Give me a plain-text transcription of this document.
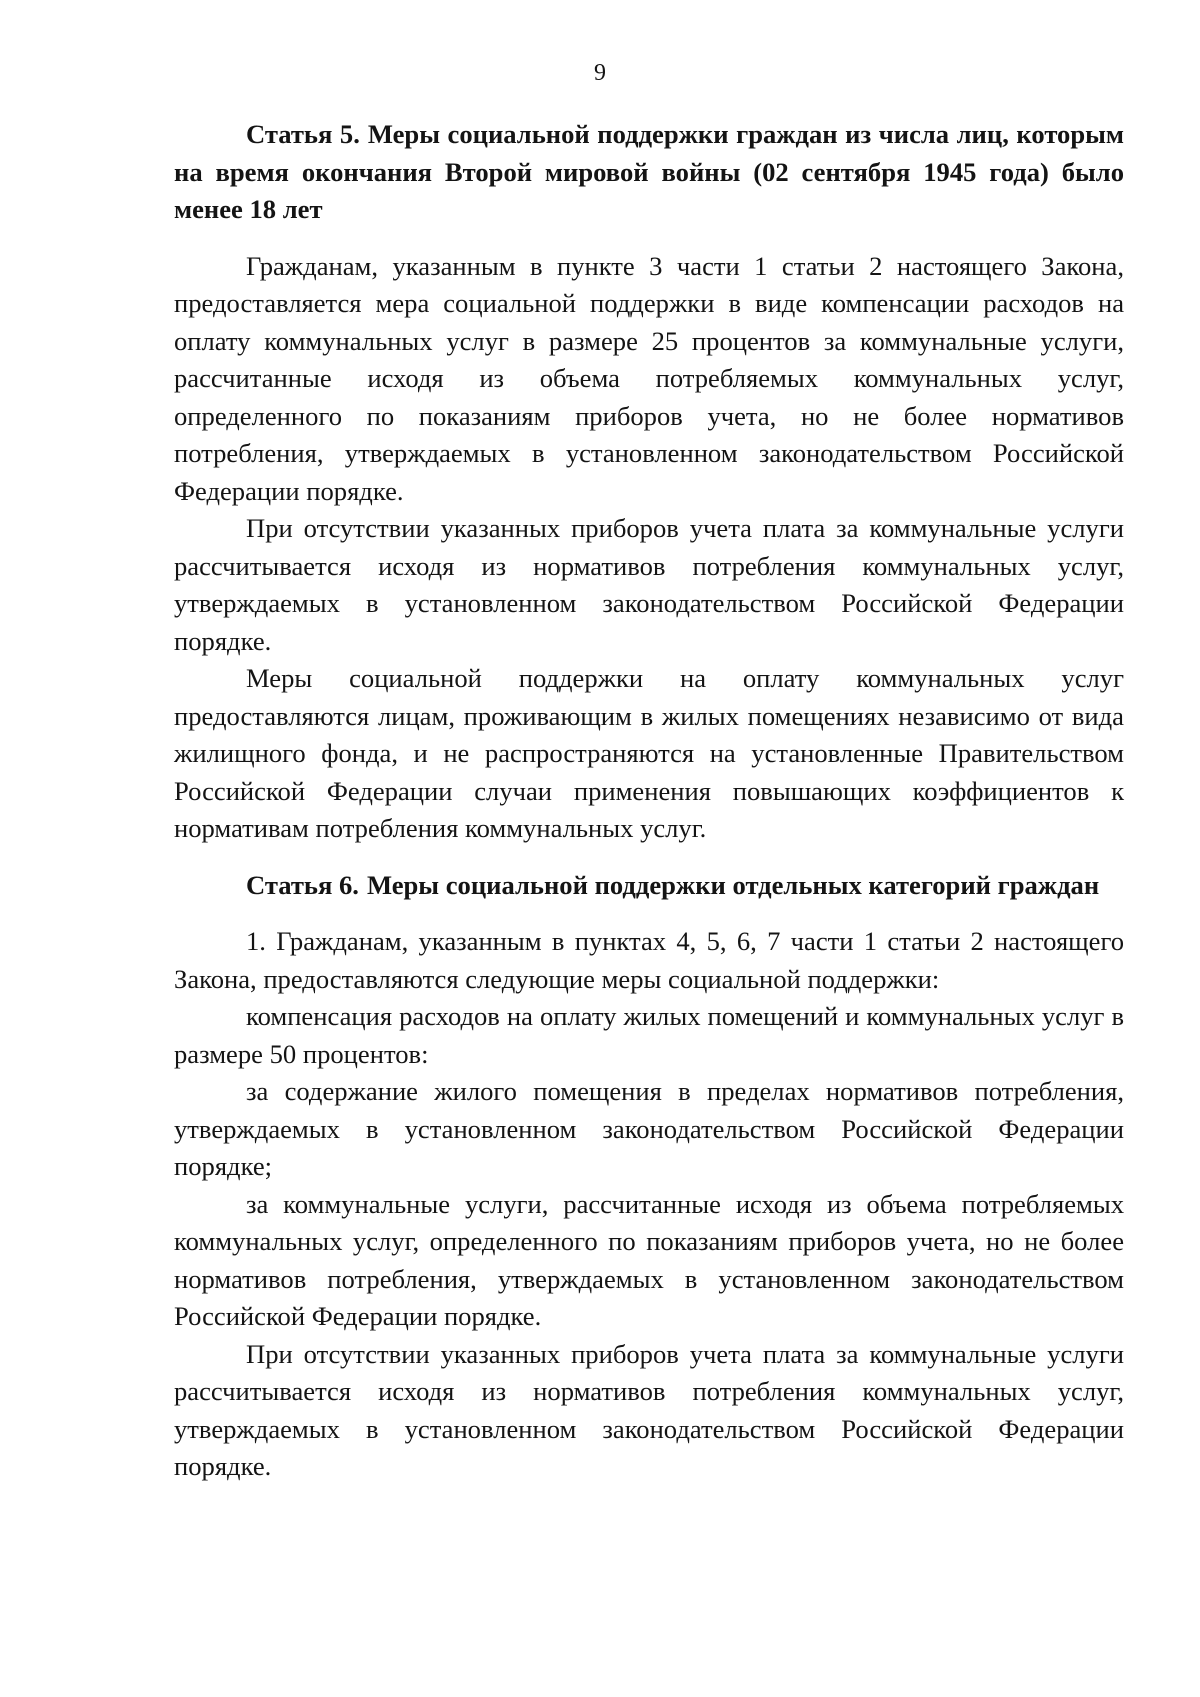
9

Статья 5. Меры социальной поддержки граждан из числа лиц, которым на время окончания Второй мировой войны (02 сентября 1945 года) было менее 18 лет

Гражданам, указанным в пункте 3 части 1 статьи 2 настоящего Закона, предоставляется мера социальной поддержки в виде компенсации расходов на оплату коммунальных услуг в размере 25 процентов за коммунальные услуги, рассчитанные исходя из объема потребляемых коммунальных услуг, определенного по показаниям приборов учета, но не более нормативов потребления, утверждаемых в установленном законодательством Российской Федерации порядке.

При отсутствии указанных приборов учета плата за коммунальные услуги рассчитывается исходя из нормативов потребления коммунальных услуг, утверждаемых в установленном законодательством Российской Федерации порядке.

Меры социальной поддержки на оплату коммунальных услуг предоставляются лицам, проживающим в жилых помещениях независимо от вида жилищного фонда, и не распространяются на установленные Правительством Российской Федерации случаи применения повышающих коэффициентов к нормативам потребления коммунальных услуг.

Статья 6. Меры социальной поддержки отдельных категорий граждан

1. Гражданам, указанным в пунктах 4, 5, 6, 7 части 1 статьи 2 настоящего Закона, предоставляются следующие меры социальной поддержки:

компенсация расходов на оплату жилых помещений и коммунальных услуг в размере 50 процентов:

за содержание жилого помещения в пределах нормативов потребления, утверждаемых в установленном законодательством Российской Федерации порядке;

за коммунальные услуги, рассчитанные исходя из объема потребляемых коммунальных услуг, определенного по показаниям приборов учета, но не более нормативов потребления, утверждаемых в установленном законодательством Российской Федерации порядке.

При отсутствии указанных приборов учета плата за коммунальные услуги рассчитывается исходя из нормативов потребления коммунальных услуг, утверждаемых в установленном законодательством Российской Федерации порядке.
